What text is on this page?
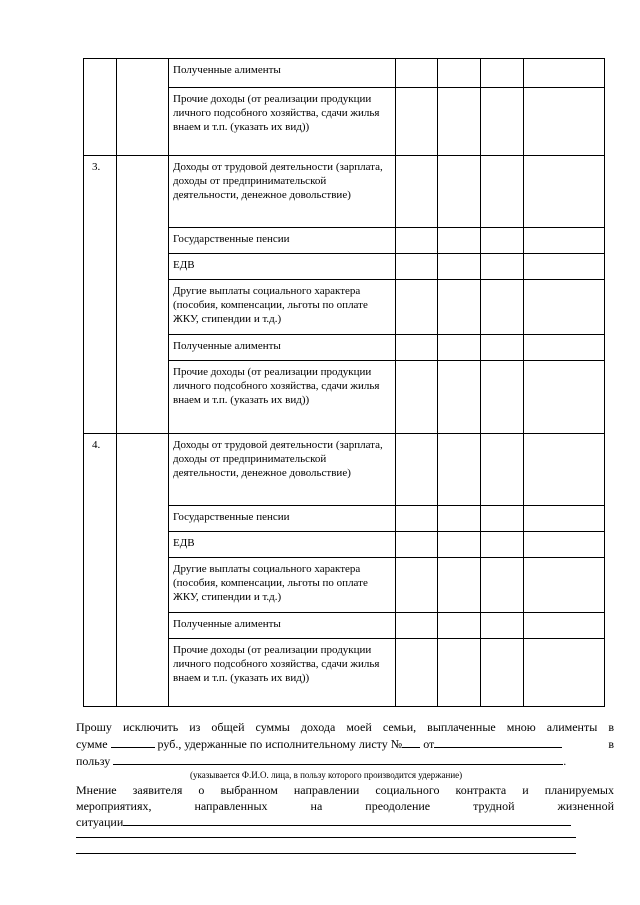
		Полученные алименты				
		Прочие доходы (от реализации продукции личного подсобного хозяйства, сдачи жилья внаем и т.п. (указать их вид))				
3.		Доходы от трудовой деятельности (зарплата, доходы от предпринимательской деятельности, денежное довольствие)				
		Государственные пенсии				
		ЕДВ				
		Другие выплаты социального характера (пособия, компенсации, льготы по оплате ЖКУ, стипендии и т.д.)				
		Полученные алименты				
		Прочие доходы (от реализации продукции личного подсобного хозяйства, сдачи жилья внаем и т.п. (указать их вид))				
4.		Доходы от трудовой деятельности (зарплата, доходы от предпринимательской деятельности, денежное довольствие)				
		Государственные пенсии				
		ЕДВ				
		Другие выплаты социального характера (пособия, компенсации, льготы по оплате ЖКУ, стипендии и т.д.)				
		Полученные алименты				
		Прочие доходы (от реализации продукции личного подсобного хозяйства, сдачи жилья внаем и т.п. (указать их вид))				
Прошу исключить из общей суммы дохода моей семьи, выплаченные мною алименты в
сумме	руб., удержанные по исполнительному листу № от	в
пользу	.
(указывается Ф.И.О. лица, в пользу которого производится удержание)
Мнение заявителя о выбранном направлении социального контракта и планируемых
мероприятиях, направленных на преодоление трудной жизненной
ситуации
